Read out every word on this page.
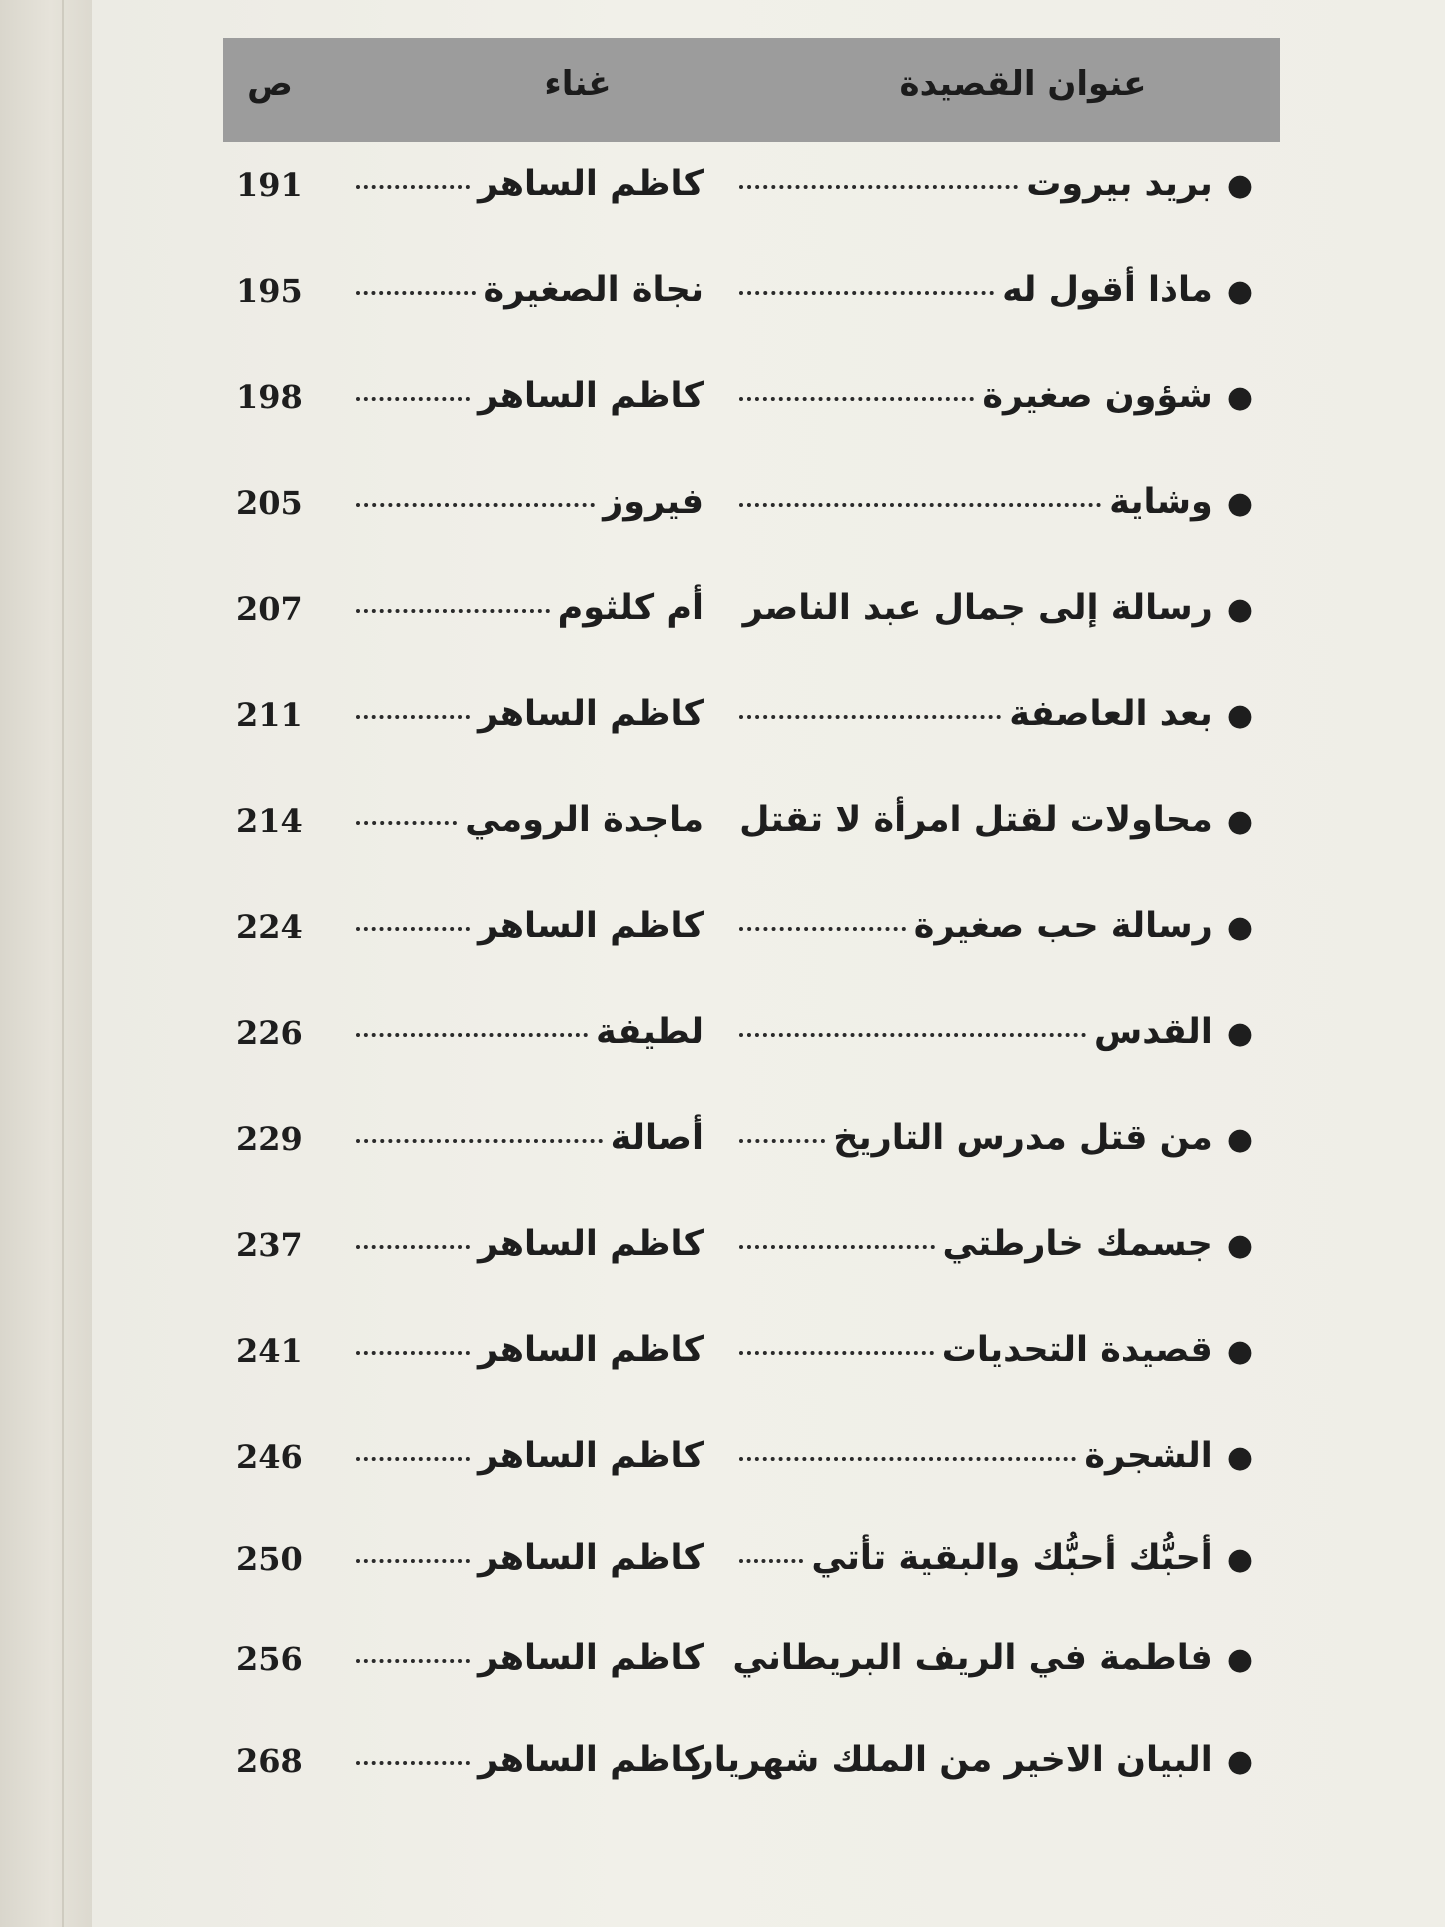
عنوان القصيدة
غناء
ص
●
بريد بيروت
كاظم الساهر
191
●
ماذا أقول له
نجاة الصغيرة
195
●
شؤون صغيرة
كاظم الساهر
198
●
وشاية
فيروز
205
●
رسالة إلى جمال عبد الناصر
أم كلثوم
207
●
بعد العاصفة
كاظم الساهر
211
●
محاولات لقتل امرأة لا تقتل
ماجدة الرومي
214
●
رسالة حب صغيرة
كاظم الساهر
224
●
القدس
لطيفة
226
●
من قتل مدرس التاريخ
أصالة
229
●
جسمك خارطتي
كاظم الساهر
237
●
قصيدة التحديات
كاظم الساهر
241
●
الشجرة
كاظم الساهر
246
●
أحبُّك أحبُّك والبقية تأتي
كاظم الساهر
250
●
فاطمة في الريف البريطاني
كاظم الساهر
256
●
البيان الاخير من الملك شهريار
كاظم الساهر
268
